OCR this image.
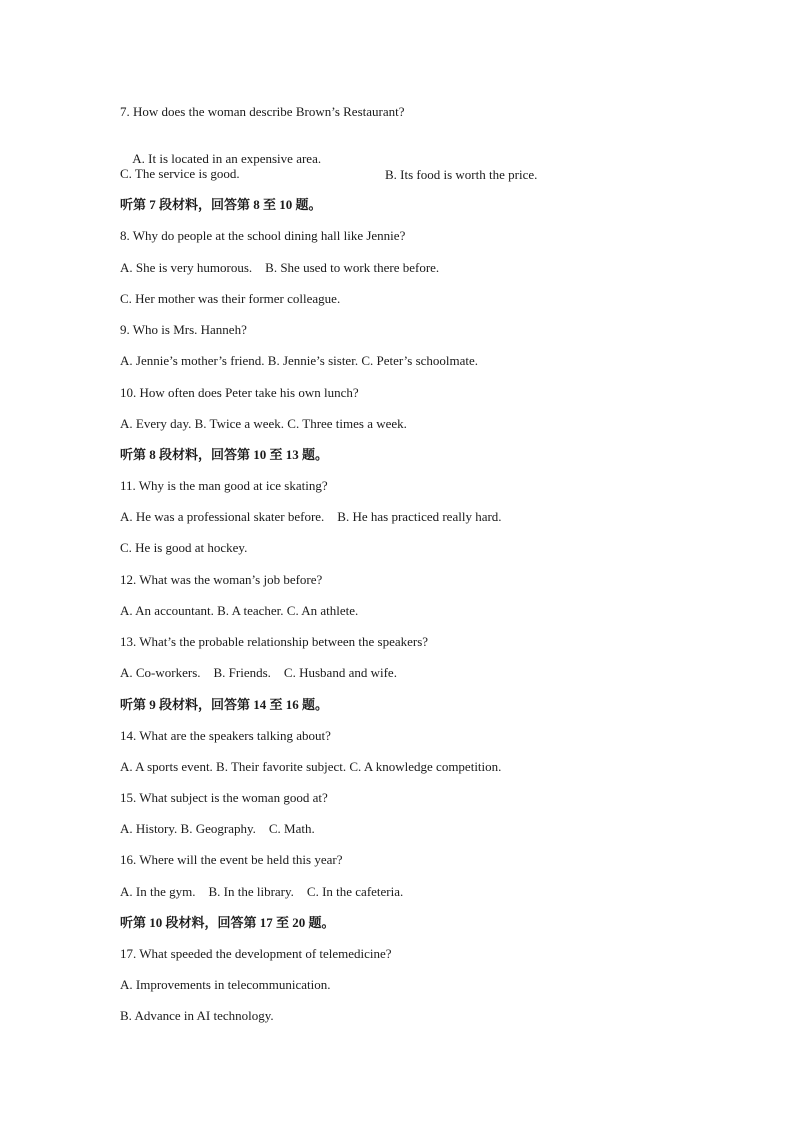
7. How does the woman describe Brown’s Restaurant?

A. It is located in an expensive area.

B. Its food is worth the price.

C. The service is good.
听第 7 段材料，回答第 8 至 10 题。
8. Why do people at the school dining hall like Jennie?
A. She is very humorous.    B. She used to work there before.
C. Her mother was their former colleague.
9. Who is Mrs. Hanneh?
A. Jennie’s mother’s friend. B. Jennie’s sister. C. Peter’s schoolmate.
10. How often does Peter take his own lunch?
A. Every day. B. Twice a week. C. Three times a week.
听第 8 段材料，回答第 10 至 13 题。
11. Why is the man good at ice skating?
A. He was a professional skater before.    B. He has practiced really hard.
C. He is good at hockey.
12. What was the woman’s job before?
A. An accountant. B. A teacher. C. An athlete.
13. What’s the probable relationship between the speakers?
A. Co-workers.    B. Friends.    C. Husband and wife.
听第 9 段材料，回答第 14 至 16 题。
14. What are the speakers talking about?
A. A sports event. B. Their favorite subject. C. A knowledge competition.
15. What subject is the woman good at?
A. History. B. Geography.    C. Math.
16. Where will the event be held this year?
A. In the gym.    B. In the library.    C. In the cafeteria.
听第 10 段材料，回答第 17 至 20 题。
17. What speeded the development of telemedicine?
A. Improvements in telecommunication.
B. Advance in AI technology.
